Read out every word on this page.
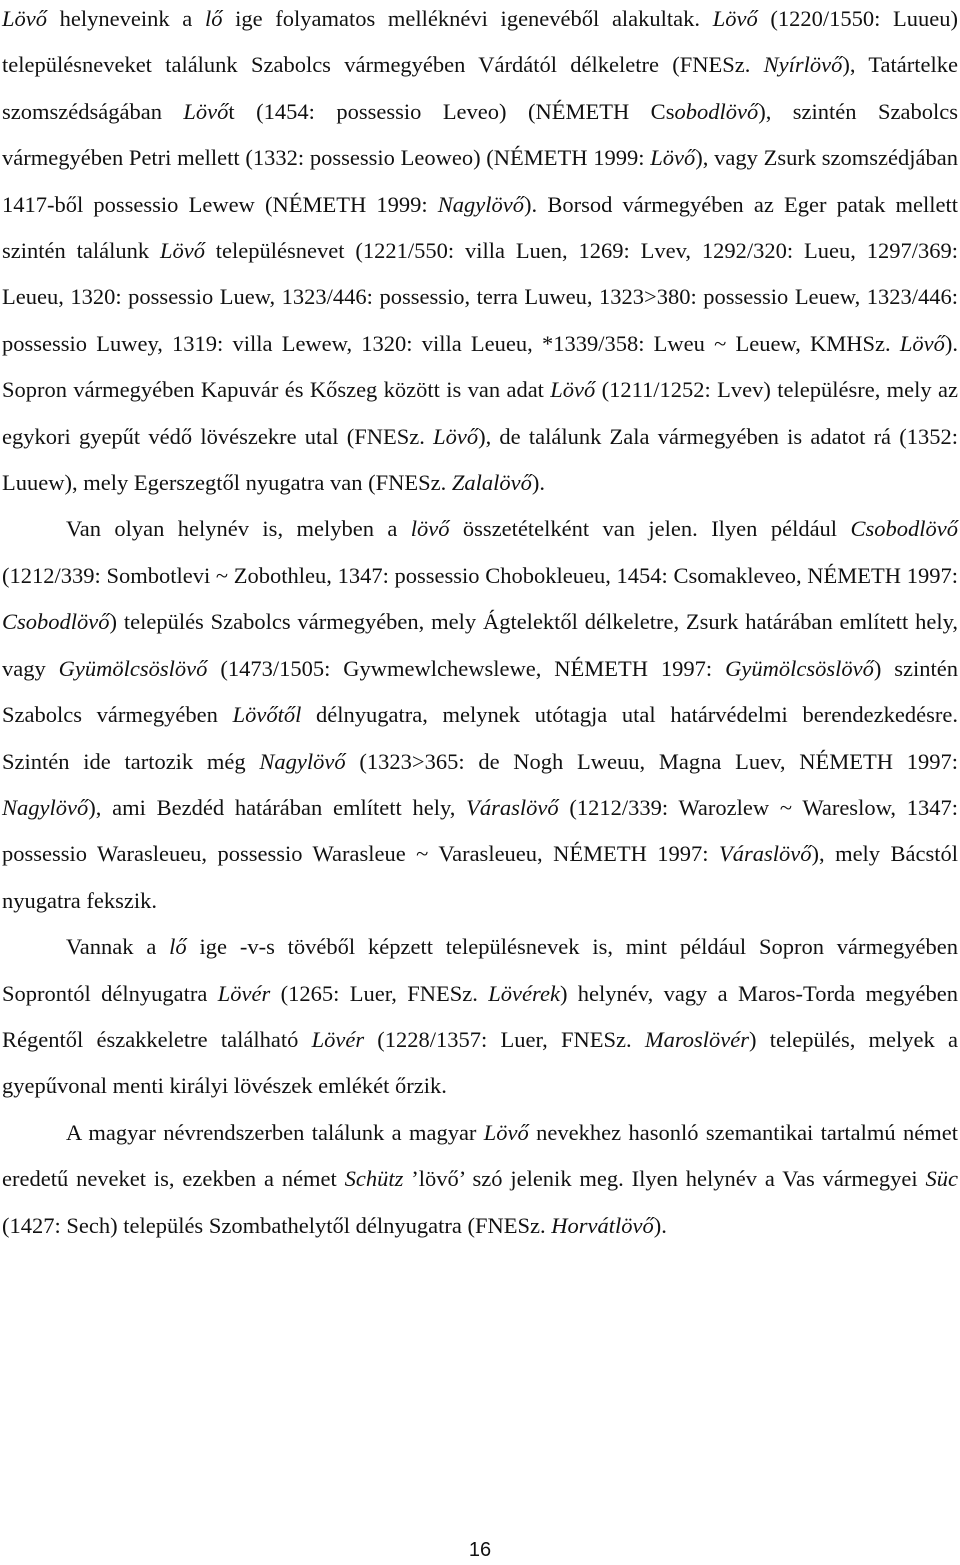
Lövő helyneveink a lő ige folyamatos melléknévi igenevéből alakultak. Lövő (1220/1550: Luueu) településneveket találunk Szabolcs vármegyében Várdától délkeletre (FNESz. Nyírlövő), Tatártelke szomszédságában Lövőt (1454: possessio Leveo) (NÉMETH Csobodlövő), szintén Szabolcs vármegyében Petri mellett (1332: possessio Leoweo) (NÉMETH 1999: Lövő), vagy Zsurk szomszédjában 1417-ből possessio Lewew (NÉMETH 1999: Nagylövő). Borsod vármegyében az Eger patak mellett szintén találunk Lövő településnevet (1221/550: villa Luen, 1269: Lvev, 1292/320: Lueu, 1297/369: Leueu, 1320: possessio Luew, 1323/446: possessio, terra Luweu, 1323>380: possessio Leuew, 1323/446: possessio Luwey, 1319: villa Lewew, 1320: villa Leueu, *1339/358: Lweu ~ Leuew, KMHSz. Lövő). Sopron vármegyében Kapuvár és Kőszeg között is van adat Lövő (1211/1252: Lvev) településre, mely az egykori gyepűt védő lövészekre utal (FNESz. Lövő), de találunk Zala vármegyében is adatot rá (1352: Luuew), mely Egerszegtől nyugatra van (FNESz. Zalalövő).

Van olyan helynév is, melyben a lövő összetételként van jelen. Ilyen például Csobodlövő (1212/339: Sombotlevi ~ Zobothleu, 1347: possessio Chobokleueu, 1454: Csomakleveo, NÉMETH 1997: Csobodlövő) település Szabolcs vármegyében, mely Ágtelektől délkeletre, Zsurk határában említett hely, vagy Gyümölcsöslövő (1473/1505: Gywmewlchewslewe, NÉMETH 1997: Gyümölcsöslövő) szintén Szabolcs vármegyében Lövőtől délnyugatra, melynek utótagja utal határvédelmi berendezkedésre. Szintén ide tartozik még Nagylövő (1323>365: de Nogh Lweuu, Magna Luev, NÉMETH 1997: Nagylövő), ami Bezdéd határában említett hely, Váraslövő (1212/339: Warozlew ~ Wareslow, 1347: possessio Warasleueu, possessio Warasleue ~ Varasleueu, NÉMETH 1997: Váraslövő), mely Bácstól nyugatra fekszik.

Vannak a lő ige -v-s tövéből képzett településnevek is, mint például Sopron vármegyében Soprontól délnyugatra Lövér (1265: Luer, FNESz. Lövérek) helynév, vagy a Maros-Torda megyében Régentől északkeletre található Lövér (1228/1357: Luer, FNESz. Maroslövér) település, melyek a gyepűvonal menti királyi lövészek emlékét őrzik.

A magyar névrendszerben találunk a magyar Lövő nevekhez hasonló szemantikai tartalmú német eredetű neveket is, ezekben a német Schütz ’lövő’ szó jelenik meg. Ilyen helynév a Vas vármegyei Süc (1427: Sech) település Szombathelytől délnyugatra (FNESz. Horvátlövő).

16
